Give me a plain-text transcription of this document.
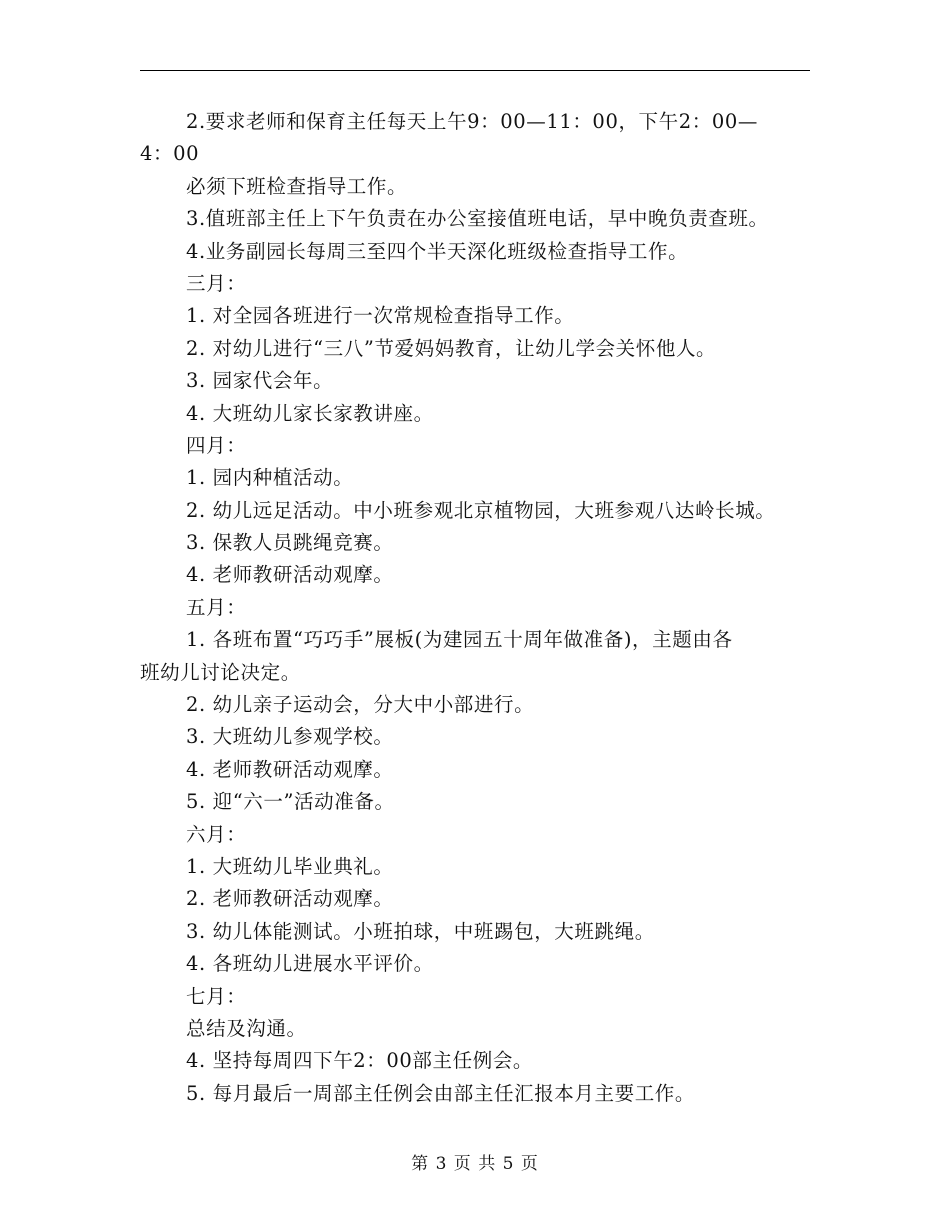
2.要求老师和保育主任每天上午9：00—11：00，下午2：00—
4：00
必须下班检查指导工作。
3.值班部主任上下午负责在办公室接值班电话，早中晚负责查班。
4.业务副园长每周三至四个半天深化班级检查指导工作。
三月：
1. 对全园各班进行一次常规检查指导工作。
2. 对幼儿进行“三八”节爱妈妈教育，让幼儿学会关怀他人。
3. 园家代会年。
4. 大班幼儿家长家教讲座。
四月：
1. 园内种植活动。
2. 幼儿远足活动。中小班参观北京植物园，大班参观八达岭长城。
3. 保教人员跳绳竞赛。
4. 老师教研活动观摩。
五月：
1. 各班布置“巧巧手”展板(为建园五十周年做准备)，主题由各
班幼儿讨论决定。
2. 幼儿亲子运动会，分大中小部进行。
3. 大班幼儿参观学校。
4. 老师教研活动观摩。
5. 迎“六一”活动准备。
六月：
1. 大班幼儿毕业典礼。
2. 老师教研活动观摩。
3. 幼儿体能测试。小班拍球，中班踢包，大班跳绳。
4. 各班幼儿进展水平评价。
七月：
总结及沟通。
4. 坚持每周四下午2：00部主任例会。
5. 每月最后一周部主任例会由部主任汇报本月主要工作。
第 3 页 共 5 页
